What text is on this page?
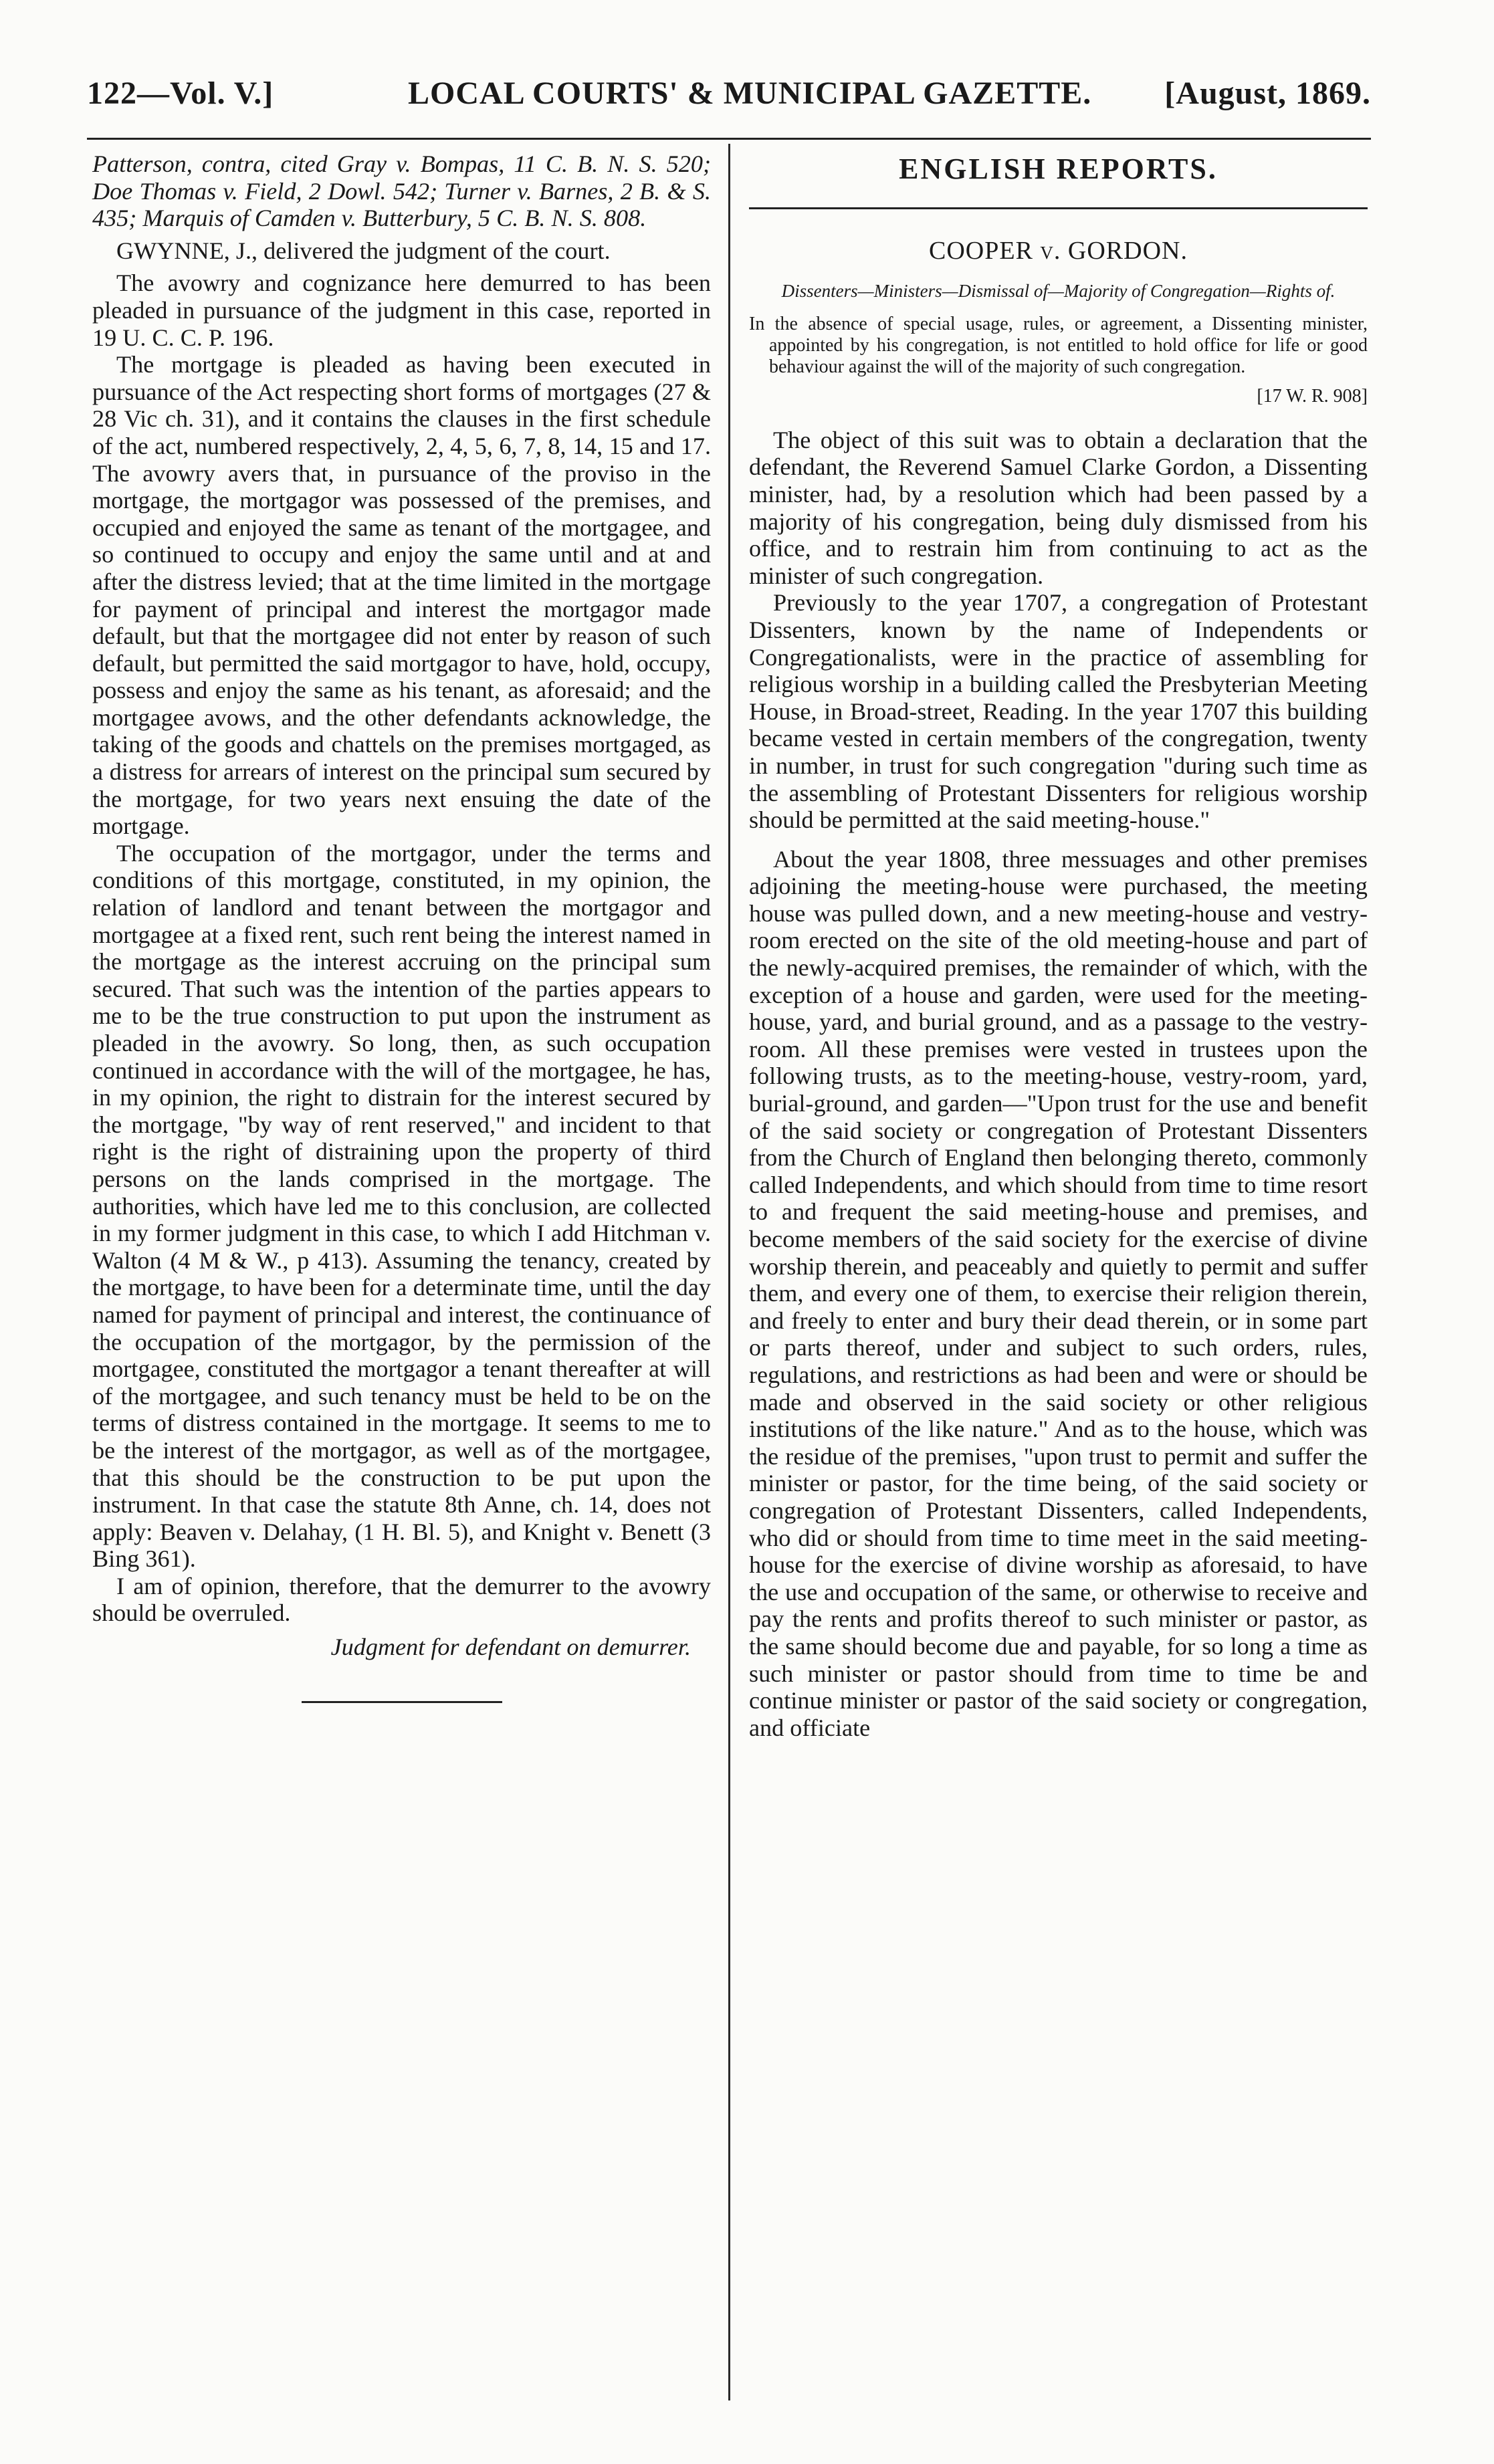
122—Vol. V.]	LOCAL COURTS' & MUNICIPAL GAZETTE. [August, 1869.

Patterson, contra, cited Gray v. Bompas, 11 C. B. N. S. 520; Doe Thomas v. Field, 2 Dowl. 542; Turner v. Barnes, 2 B. & S. 435; Marquis of Camden v. Butterbury, 5 C. B. N. S. 808.

GWYNNE, J., delivered the judgment of the court.

The avowry and cognizance here demurred to has been pleaded in pursuance of the judgment in this case, reported in 19 U. C. C. P. 196.

The mortgage is pleaded as having been executed in pursuance of the Act respecting short forms of mortgages (27 & 28 Vic ch. 31), and it contains the clauses in the first schedule of the act, numbered respectively, 2, 4, 5, 6, 7, 8, 14, 15 and 17. The avowry avers that, in pursuance of the proviso in the mortgage, the mortgagor was possessed of the premises, and occupied and enjoyed the same as tenant of the mortgagee, and so continued to occupy and enjoy the same until and at and after the distress levied; that at the time limited in the mortgage for payment of principal and interest the mortgagor made default, but that the mortgagee did not enter by reason of such default, but permitted the said mortgagor to have, hold, occupy, possess and enjoy the same as his tenant, as aforesaid; and the mortgagee avows, and the other defendants acknowledge, the taking of the goods and chattels on the premises mortgaged, as a distress for arrears of interest on the principal sum secured by the mortgage, for two years next ensuing the date of the mortgage.

The occupation of the mortgagor, under the terms and conditions of this mortgage, constituted, in my opinion, the relation of landlord and tenant between the mortgagor and mortgagee at a fixed rent, such rent being the interest named in the mortgage as the interest accruing on the principal sum secured. That such was the intention of the parties appears to me to be the true construction to put upon the instrument as pleaded in the avowry. So long, then, as such occupation continued in accordance with the will of the mortgagee, he has, in my opinion, the right to distrain for the interest secured by the mortgage, "by way of rent reserved," and incident to that right is the right of distraining upon the property of third persons on the lands comprised in the mortgage. The authorities, which have led me to this conclusion, are collected in my former judgment in this case, to which I add Hitchman v. Walton (4 M & W., p 413). Assuming the tenancy, created by the mortgage, to have been for a determinate time, until the day named for payment of principal and interest, the continuance of the occupation of the mortgagor, by the permission of the mortgagee, constituted the mortgagor a tenant thereafter at will of the mortgagee, and such tenancy must be held to be on the terms of distress contained in the mortgage. It seems to me to be the interest of the mortgagor, as well as of the mortgagee, that this should be the construction to be put upon the instrument. In that case the statute 8th Anne, ch. 14, does not apply: Beaven v. Delahay, (1 H. Bl. 5), and Knight v. Benett (3 Bing 361).

I am of opinion, therefore, that the demurrer to the avowry should be overruled.

Judgment for defendant on demurrer.

ENGLISH REPORTS.
COOPER v. GORDON.
Dissenters—Ministers—Dismissal of—Majority of Congregation—Rights of.
In the absence of special usage, rules, or agreement, a Dissenting minister, appointed by his congregation, is not entitled to hold office for life or good behaviour against the will of the majority of such congregation.
[17 W. R. 908]

The object of this suit was to obtain a declaration that the defendant, the Reverend Samuel Clarke Gordon, a Dissenting minister, had, by a resolution which had been passed by a majority of his congregation, being duly dismissed from his office, and to restrain him from continuing to act as the minister of such congregation.

Previously to the year 1707, a congregation of Protestant Dissenters, known by the name of Independents or Congregationalists, were in the practice of assembling for religious worship in a building called the Presbyterian Meeting House, in Broad-street, Reading. In the year 1707 this building became vested in certain members of the congregation, twenty in number, in trust for such congregation "during such time as the assembling of Protestant Dissenters for religious worship should be permitted at the said meeting-house."

About the year 1808, three messuages and other premises adjoining the meeting-house were purchased, the meeting house was pulled down, and a new meeting-house and vestry-room erected on the site of the old meeting-house and part of the newly-acquired premises, the remainder of which, with the exception of a house and garden, were used for the meeting-house, yard, and burial ground, and as a passage to the vestry-room. All these premises were vested in trustees upon the following trusts, as to the meeting-house, vestry-room, yard, burial-ground, and garden—"Upon trust for the use and benefit of the said society or congregation of Protestant Dissenters from the Church of England then belonging thereto, commonly called Independents, and which should from time to time resort to and frequent the said meeting-house and premises, and become members of the said society for the exercise of divine worship therein, and peaceably and quietly to permit and suffer them, and every one of them, to exercise their religion therein, and freely to enter and bury their dead therein, or in some part or parts thereof, under and subject to such orders, rules, regulations, and restrictions as had been and were or should be made and observed in the said society or other religious institutions of the like nature." And as to the house, which was the residue of the premises, "upon trust to permit and suffer the minister or pastor, for the time being, of the said society or congregation of Protestant Dissenters, called Independents, who did or should from time to time meet in the said meeting-house for the exercise of divine worship as aforesaid, to have the use and occupation of the same, or otherwise to receive and pay the rents and profits thereof to such minister or pastor, as the same should become due and payable, for so long a time as such minister or pastor should from time to time be and continue minister or pastor of the said society or congregation, and officiate
